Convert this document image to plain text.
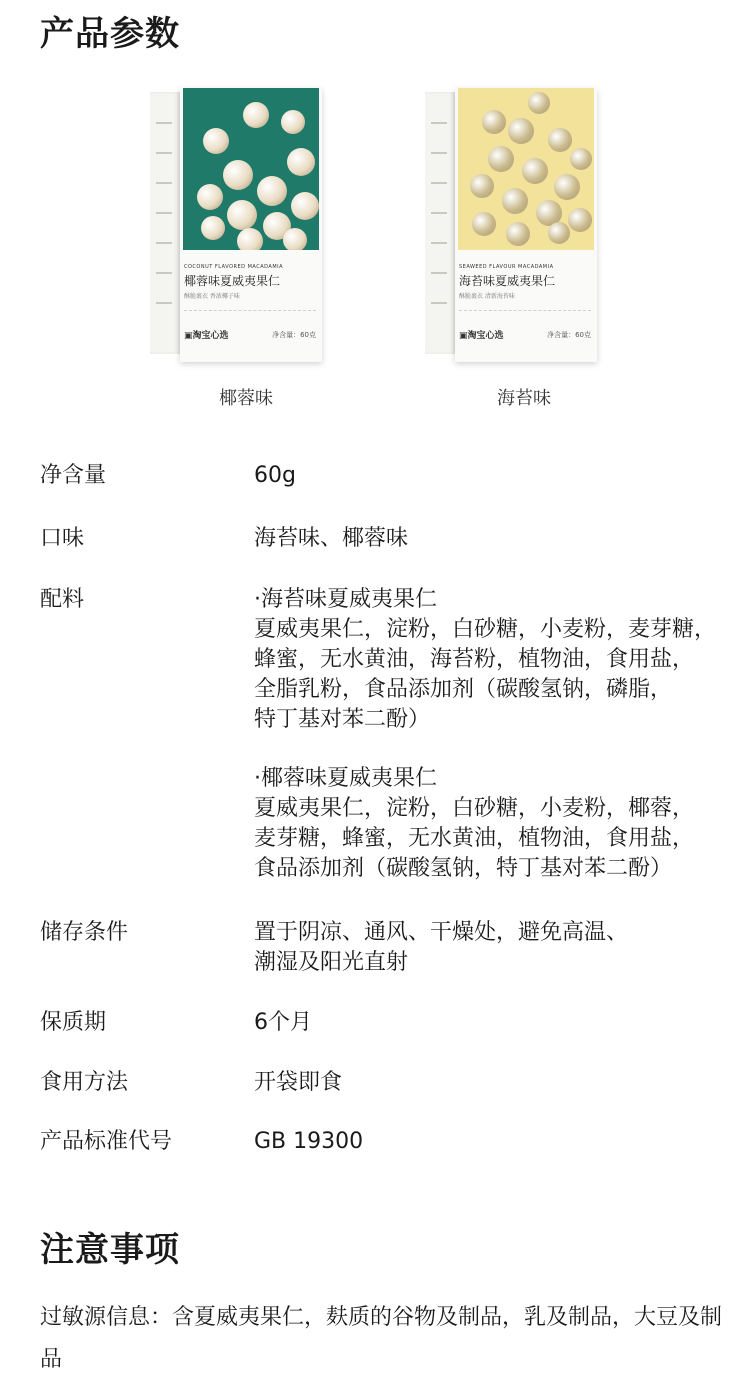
产品参数
COCONUT FLAVORED MACADAMIA
椰蓉味夏威夷果仁
酥脆裹衣 香浓椰子味
▣淘宝心选	净含量：60克
椰蓉味
SEAWEED FLAVOUR MACADAMIA
海苔味夏威夷果仁
酥脆裹衣 清新海苔味
▣淘宝心选	净含量：60克
海苔味
净含量	60g
口味	海苔味、椰蓉味
配料	·海苔味夏威夷果仁
夏威夷果仁，淀粉，白砂糖，小麦粉，麦芽糖，
蜂蜜，无水黄油，海苔粉，植物油，食用盐，
全脂乳粉，食品添加剂（碳酸氢钠，磷脂，
特丁基对苯二酚）
·椰蓉味夏威夷果仁
夏威夷果仁，淀粉，白砂糖，小麦粉，椰蓉，
麦芽糖，蜂蜜，无水黄油，植物油，食用盐，
食品添加剂（碳酸氢钠，特丁基对苯二酚）
储存条件	置于阴凉、通风、干燥处，避免高温、
潮湿及阳光直射
保质期	6个月
食用方法	开袋即食
产品标准代号	GB 19300
注意事项
过敏源信息：含夏威夷果仁，麸质的谷物及制品，乳及制品，大豆及制品
